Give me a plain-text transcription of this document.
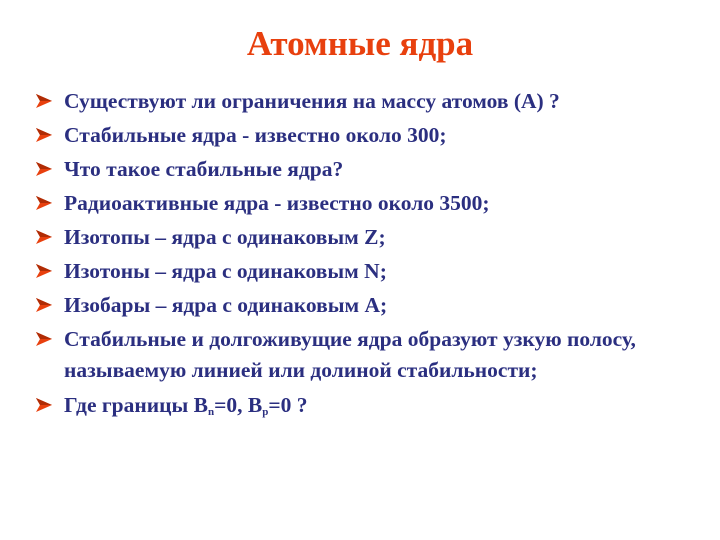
Атомные ядра
Существуют ли ограничения на массу атомов (А) ?
Стабильные ядра - известно около 300;
Что такое стабильные ядра?
Радиоактивные ядра - известно около 3500;
Изотопы – ядра с одинаковым Z;
Изотоны – ядра с одинаковым N;
Изобары – ядра с одинаковым А;
Стабильные и долгоживущие ядра образуют узкую полосу, называемую линией или долиной стабильности;
Где границы $B_n=0$, $B_p=0$ ?
